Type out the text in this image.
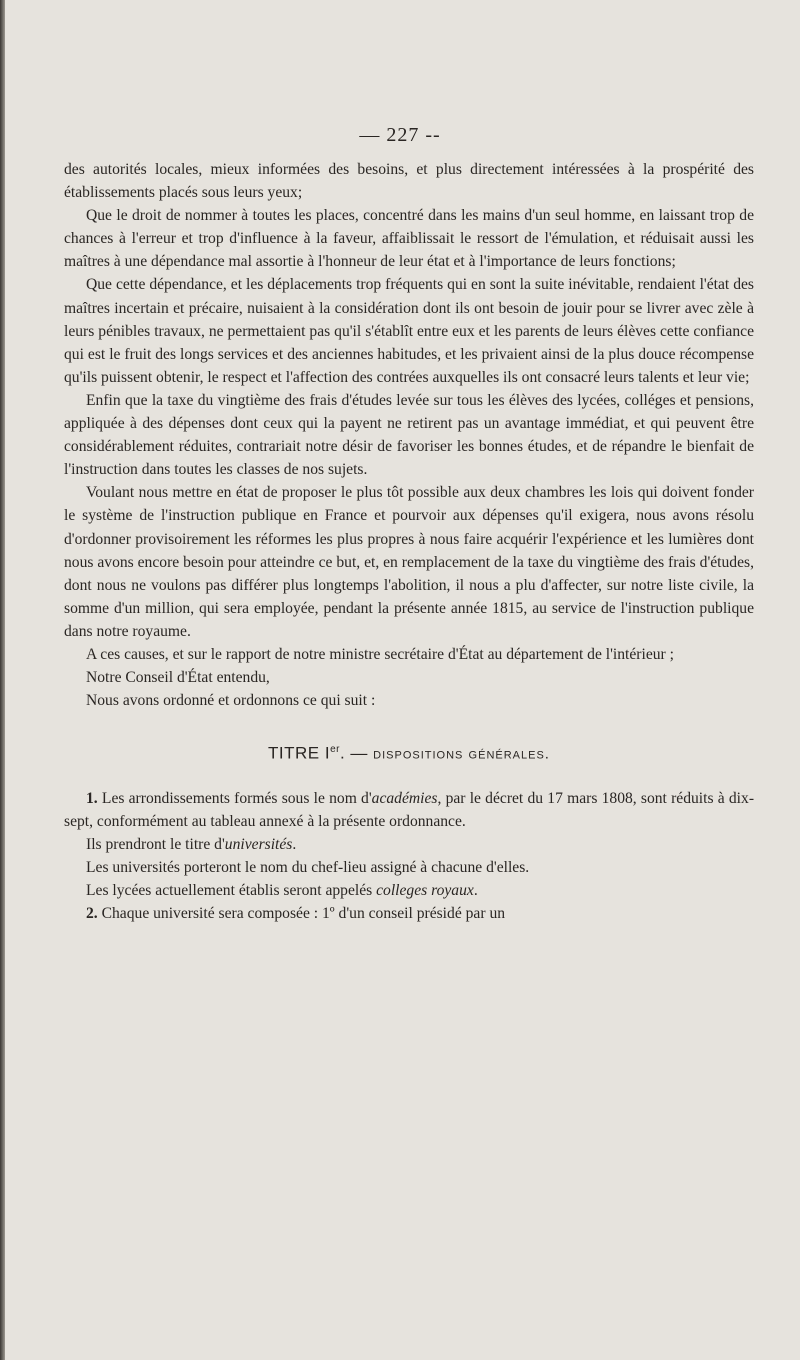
— 227 --

des autorités locales, mieux informées des besoins, et plus directement intéressées à la prospérité des établissements placés sous leurs yeux;

Que le droit de nommer à toutes les places, concentré dans les mains d'un seul homme, en laissant trop de chances à l'erreur et trop d'influence à la faveur, affaiblissait le ressort de l'émulation, et réduisait aussi les maîtres à une dépendance mal assortie à l'honneur de leur état et à l'importance de leurs fonctions;

Que cette dépendance, et les déplacements trop fréquents qui en sont la suite inévitable, rendaient l'état des maîtres incertain et précaire, nuisaient à la considération dont ils ont besoin de jouir pour se livrer avec zèle à leurs pénibles travaux, ne permettaient pas qu'il s'établît entre eux et les parents de leurs élèves cette confiance qui est le fruit des longs services et des anciennes habitudes, et les privaient ainsi de la plus douce récompense qu'ils puissent obtenir, le respect et l'affection des contrées auxquelles ils ont consacré leurs talents et leur vie;

Enfin que la taxe du vingtième des frais d'études levée sur tous les élèves des lycées, colléges et pensions, appliquée à des dépenses dont ceux qui la payent ne retirent pas un avantage immédiat, et qui peuvent être considérablement réduites, contrariait notre désir de favoriser les bonnes études, et de répandre le bienfait de l'instruction dans toutes les classes de nos sujets.

Voulant nous mettre en état de proposer le plus tôt possible aux deux chambres les lois qui doivent fonder le système de l'instruction publique en France et pourvoir aux dépenses qu'il exigera, nous avons résolu d'ordonner provisoirement les réformes les plus propres à nous faire acquérir l'expérience et les lumières dont nous avons encore besoin pour atteindre ce but, et, en remplacement de la taxe du vingtième des frais d'études, dont nous ne voulons pas différer plus longtemps l'abolition, il nous a plu d'affecter, sur notre liste civile, la somme d'un million, qui sera employée, pendant la présente année 1815, au service de l'instruction publique dans notre royaume.

A ces causes, et sur le rapport de notre ministre secrétaire d'État au département de l'intérieur ;

Notre Conseil d'État entendu,

Nous avons ordonné et ordonnons ce qui suit :

TITRE Ier. — dispositions générales.

1. Les arrondissements formés sous le nom d'académies, par le décret du 17 mars 1808, sont réduits à dix-sept, conformément au tableau annexé à la présente ordonnance.

Ils prendront le titre d'universités.

Les universités porteront le nom du chef-lieu assigné à chacune d'elles.

Les lycées actuellement établis seront appelés colleges royaux.

2. Chaque université sera composée : 1º d'un conseil présidé par un
